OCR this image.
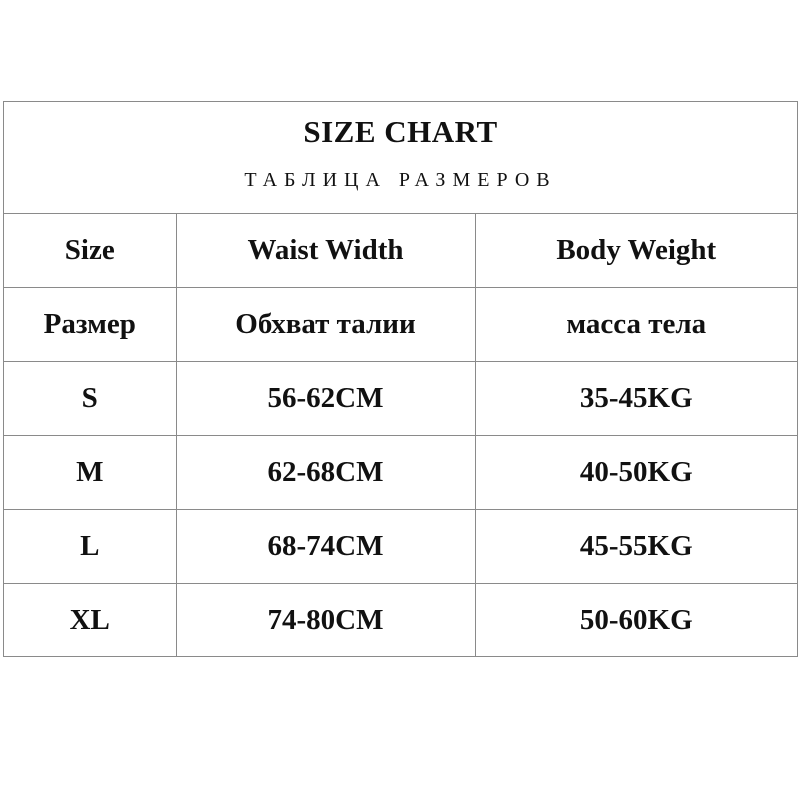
SIZE CHART
ТАБЛИЦА РАЗМЕРОВ
Size	Waist Width	Body Weight
Размер	Обхват талии	масса тела
S	56-62CM	35-45KG
M	62-68CM	40-50KG
L	68-74CM	45-55KG
XL	74-80CM	50-60KG
